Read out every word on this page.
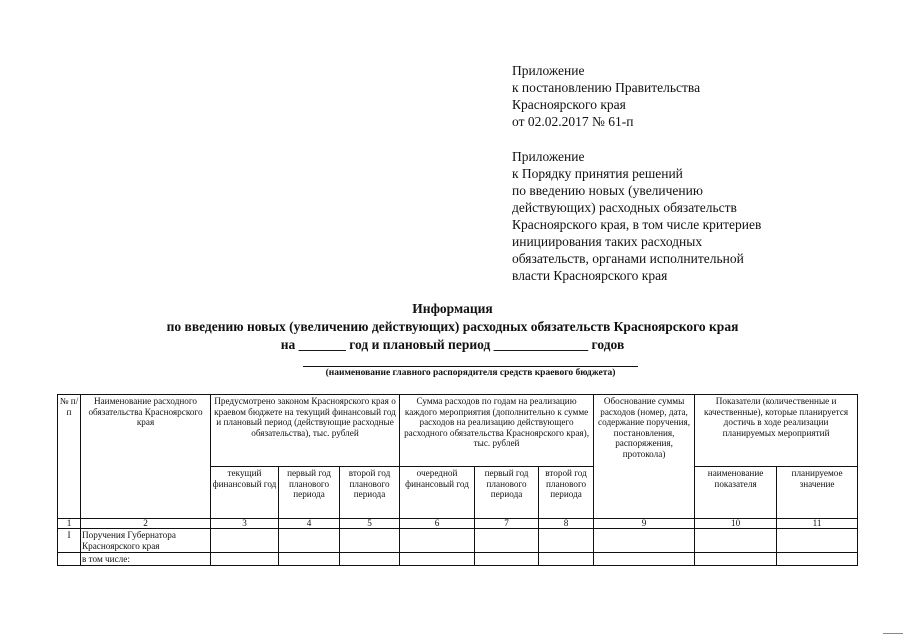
Приложение
к постановлению Правительства
Красноярского края
от 02.02.2017 № 61-п
Приложение
к Порядку принятия решений
по введению новых (увеличению
действующих) расходных обязательств
Красноярского края, в том числе критериев
инициирования таких расходных
обязательств, органами исполнительной
власти Красноярского края
Информация
по введению новых (увеличению действующих) расходных обязательств Красноярского края
на _______ год и плановый период ______________ годов
(наименование главного распорядителя средств краевого бюджета)
№ п/п	Наименование расходного обязательства Красноярского края	Предусмотрено законом Красноярского края о краевом бюджете на текущий финансовый год и плановый период (действующие расходные обязательства), тыс. рублей			Сумма расходов по годам на реализацию каждого мероприятия (дополнительно к сумме расходов на реализацию действующего расходного обязательства Красноярского края), тыс. рублей			Обоснование суммы расходов (номер, дата, содержание поручения, постановления, распоряжения, протокола)	Показатели (количественные и качественные), которые планируется достичь в ходе реализации планируемых мероприятий	
		текущий финансовый год	первый год планового периода	второй год планового периода	очередной финансовый год	первый год планового периода	второй год планового периода		наименование показателя	планируемое значение
1	2	3	4	5	6	7	8	9	10	11
I	Поручения Губернатора Красноярского края									
	в том числе:									
